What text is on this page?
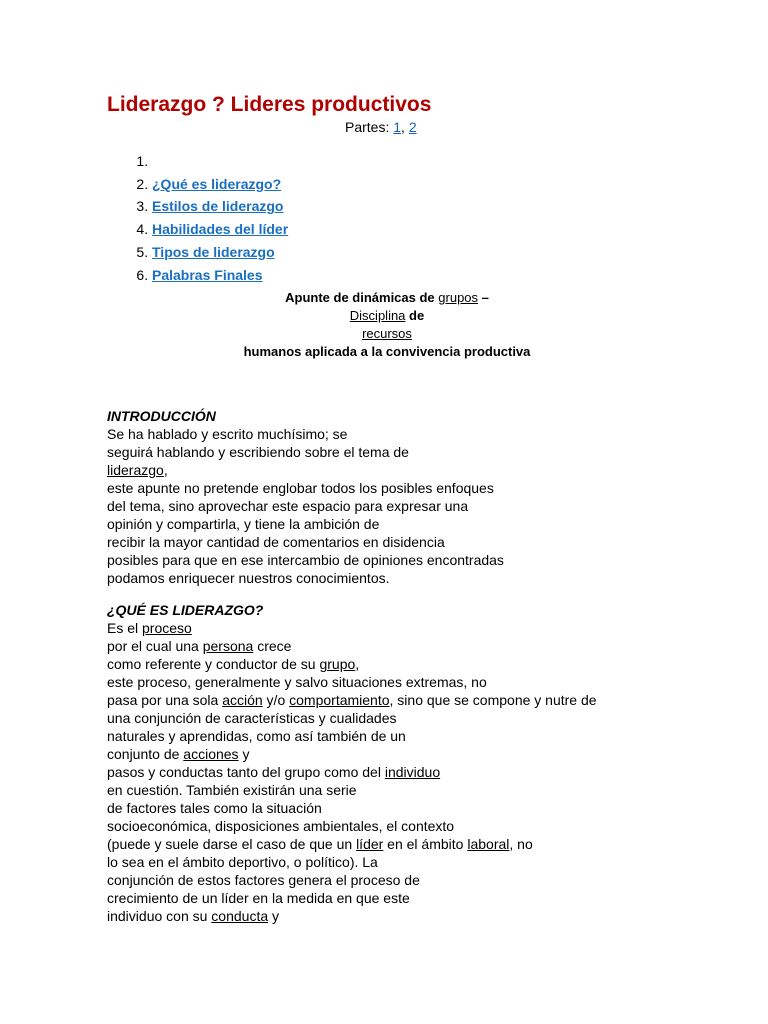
Liderazgo ? Lideres productivos
Partes: 1, 2
1.
2. ¿Qué es liderazgo?
3. Estilos de liderazgo
4. Habilidades del líder
5. Tipos de liderazgo
6. Palabras Finales
Apunte de dinámicas de grupos –
Disciplina de
recursos
humanos aplicada a la convivencia productiva
INTRODUCCIÓN
Se ha hablado y escrito muchísimo; se
seguirá hablando y escribiendo sobre el tema de
liderazgo,
este apunte no pretende englobar todos los posibles enfoques
del tema, sino aprovechar este espacio para expresar una
opinión y compartirla, y tiene la ambición de
recibir la mayor cantidad de comentarios en disidencia
posibles para que en ese intercambio de opiniones encontradas
podamos enriquecer nuestros conocimientos.
¿QUÉ ES LIDERAZGO?
Es el proceso
por el cual una persona crece
como referente y conductor de su grupo,
este proceso, generalmente y salvo situaciones extremas, no
pasa por una sola acción y/o comportamiento, sino que se compone y nutre de
una conjunción de características y cualidades
naturales y aprendidas, como así también de un
conjunto de acciones y
pasos y conductas tanto del grupo como del individuo
en cuestión. También existirán una serie
de factores tales como la situación
socioeconómica, disposiciones ambientales, el contexto
(puede y suele darse el caso de que un líder en el ámbito laboral, no
lo sea en el ámbito deportivo, o político). La
conjunción de estos factores genera el proceso de
crecimiento de un líder en la medida en que este
individuo con su conducta y
